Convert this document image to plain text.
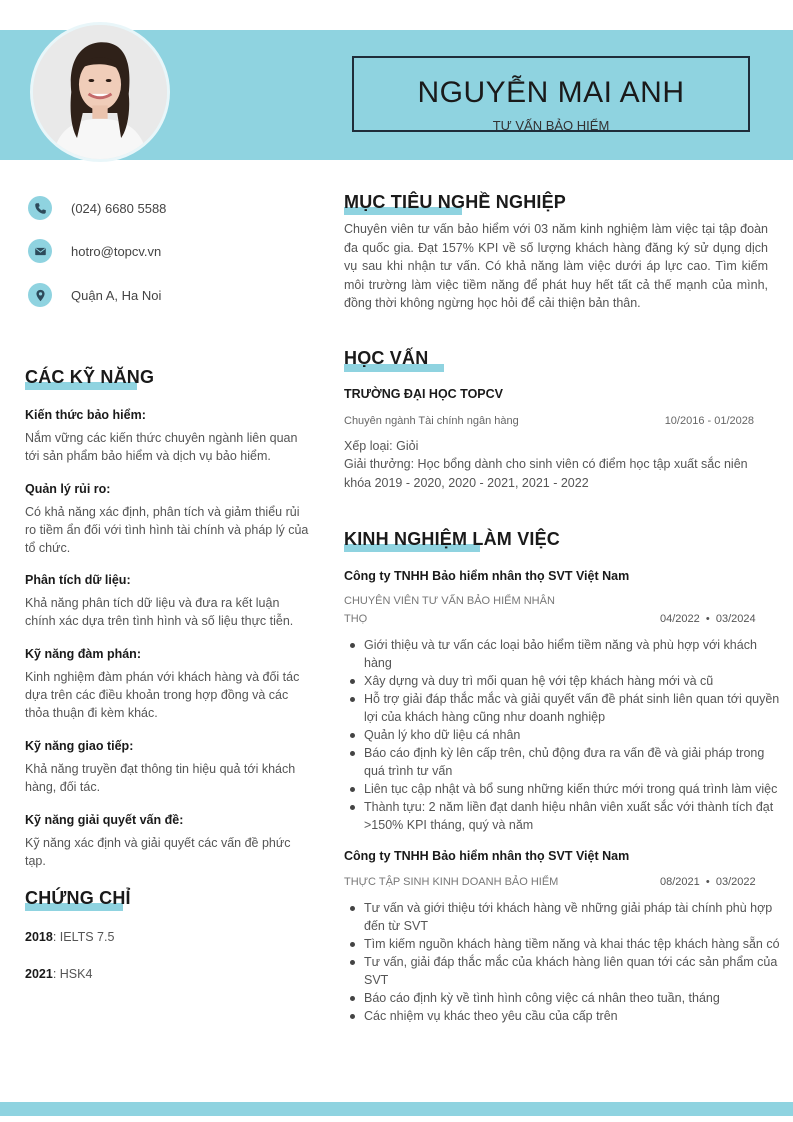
NGUYỄN MAI ANH
TƯ VẤN BẢO HIỂM
(024) 6680 5588
hotro@topcv.vn
Quận A, Ha Noi
CÁC KỸ NĂNG
Kiến thức bảo hiểm:
Nắm vững các kiến thức chuyên ngành liên quan tới sản phẩm bảo hiểm và dịch vụ bảo hiểm.
Quản lý rủi ro:
Có khả năng xác định, phân tích và giảm thiểu rủi ro tiềm ẩn đối với tình hình tài chính và pháp lý của tổ chức.
Phân tích dữ liệu:
Khả năng phân tích dữ liệu và đưa ra kết luận chính xác dựa trên tình hình và số liệu thực tiễn.
Kỹ năng đàm phán:
Kinh nghiệm đàm phán với khách hàng và đối tác dựa trên các điều khoản trong hợp đồng và các thỏa thuận đi kèm khác.
Kỹ năng giao tiếp:
Khả năng truyền đạt thông tin hiệu quả tới khách hàng, đối tác.
Kỹ năng giải quyết vấn đề:
Kỹ năng xác định và giải quyết các vấn đề phức tạp.
CHỨNG CHỈ
2018: IELTS 7.5
2021: HSK4
MỤC TIÊU NGHỀ NGHIỆP
Chuyên viên tư vấn bảo hiểm với 03 năm kinh nghiệm làm việc tại tập đoàn đa quốc gia. Đạt 157% KPI về số lượng khách hàng đăng ký sử dụng dịch vụ sau khi nhận tư vấn. Có khả năng làm việc dưới áp lực cao. Tìm kiếm môi trường làm việc tiềm năng để phát huy hết tất cả thế mạnh của mình, đồng thời không ngừng học hỏi để cải thiện bản thân.
HỌC VẤN
TRƯỜNG ĐẠI HỌC TOPCV
Chuyên ngành Tài chính ngân hàng	10/2016 - 01/2028
Xếp loại: Giỏi
Giải thưởng: Học bổng dành cho sinh viên có điểm học tập xuất sắc niên khóa 2019 - 2020, 2020 - 2021, 2021 - 2022
KINH NGHIỆM LÀM VIỆC
Công ty TNHH Bảo hiểm nhân thọ SVT Việt Nam
CHUYÊN VIÊN TƯ VẤN BẢO HIỂM NHÂN
THỌ	04/2022  •  03/2024
Giới thiệu và tư vấn các loại bảo hiểm tiềm năng và phù hợp với khách hàng
Xây dựng và duy trì mối quan hệ với tệp khách hàng mới và cũ
Hỗ trợ giải đáp thắc mắc và giải quyết vấn đề phát sinh liên quan tới quyền lợi của khách hàng cũng như doanh nghiệp
Quản lý kho dữ liệu cá nhân
Báo cáo định kỳ lên cấp trên, chủ động đưa ra vấn đề và giải pháp trong quá trình tư vấn
Liên tục cập nhật và bổ sung những kiến thức mới trong quá trình làm việc
Thành tựu: 2 năm liền đạt danh hiệu nhân viên xuất sắc với thành tích đạt >150% KPI tháng, quý và năm
Công ty TNHH Bảo hiểm nhân thọ SVT Việt Nam
THỰC TẬP SINH KINH DOANH BẢO HIỂM	08/2021  •  03/2022
Tư vấn và giới thiệu tới khách hàng về những giải pháp tài chính phù hợp đến từ SVT
Tìm kiếm nguồn khách hàng tiềm năng và khai thác tệp khách hàng sẵn có
Tư vấn, giải đáp thắc mắc của khách hàng liên quan tới các sản phẩm của SVT
Báo cáo định kỳ về tình hình công việc cá nhân theo tuần, tháng
Các nhiệm vụ khác theo yêu cầu của cấp trên
